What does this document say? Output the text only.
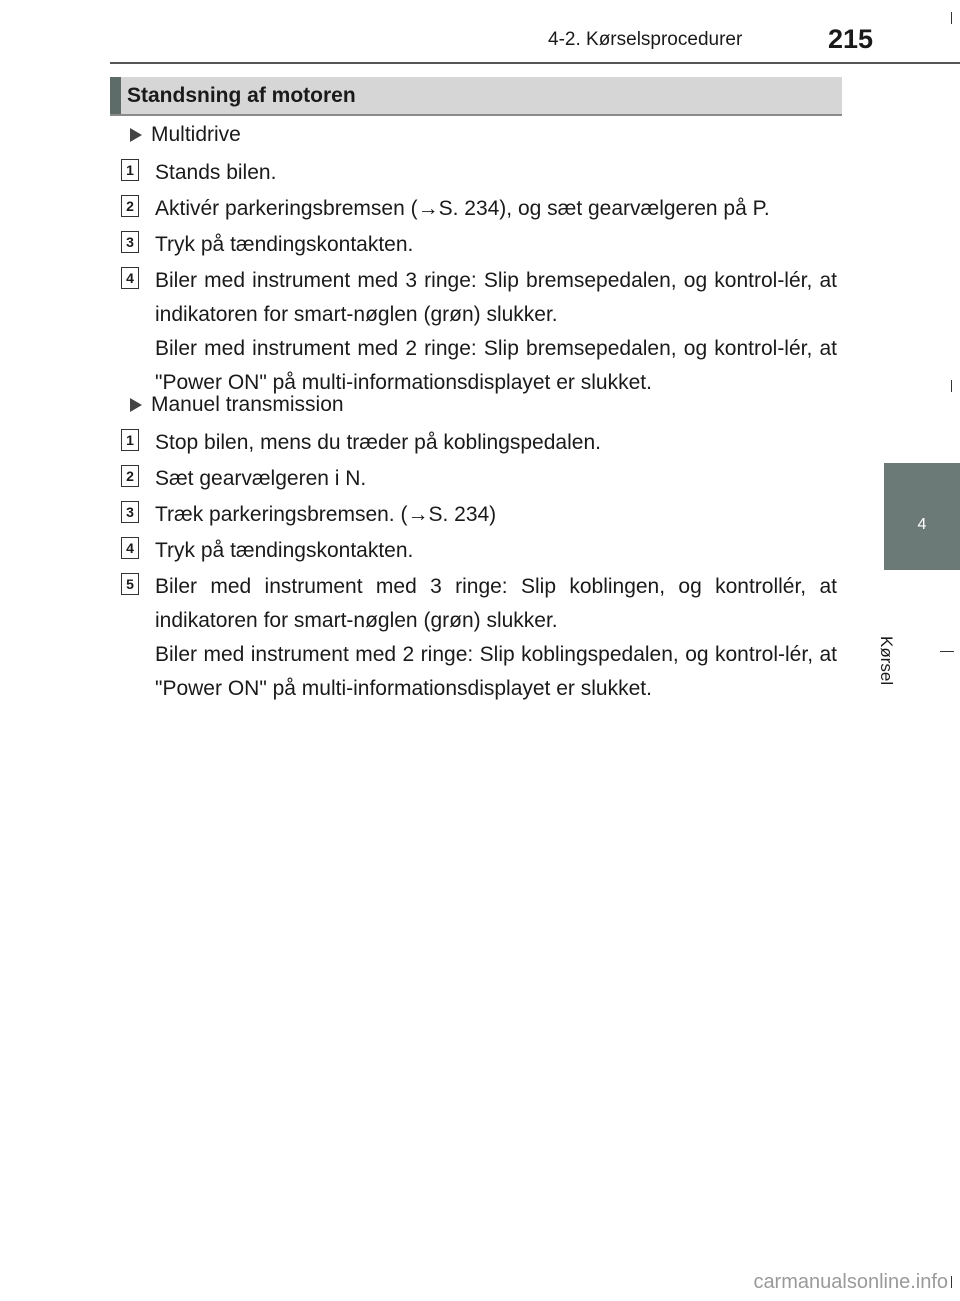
4-2. Kørselsprocedurer	215
4
Kørsel
Standsning af motoren
Multidrive
1 Stands bilen.
2 Aktivér parkeringsbremsen (→S. 234), og sæt gearvælgeren på P.
3 Tryk på tændingskontakten.
4 Biler med instrument med 3 ringe: Slip bremsepedalen, og kontrol-lér, at indikatoren for smart-nøglen (grøn) slukker.
Biler med instrument med 2 ringe: Slip bremsepedalen, og kontrol-lér, at "Power ON" på multi-informationsdisplayet er slukket.
Manuel transmission
1 Stop bilen, mens du træder på koblingspedalen.
2 Sæt gearvælgeren i N.
3 Træk parkeringsbremsen. (→S. 234)
4 Tryk på tændingskontakten.
5 Biler med instrument med 3 ringe: Slip koblingen, og kontrollér, at indikatoren for smart-nøglen (grøn) slukker.
Biler med instrument med 2 ringe: Slip koblingspedalen, og kontrol-lér, at "Power ON" på multi-informationsdisplayet er slukket.
carmanualsonline.info
